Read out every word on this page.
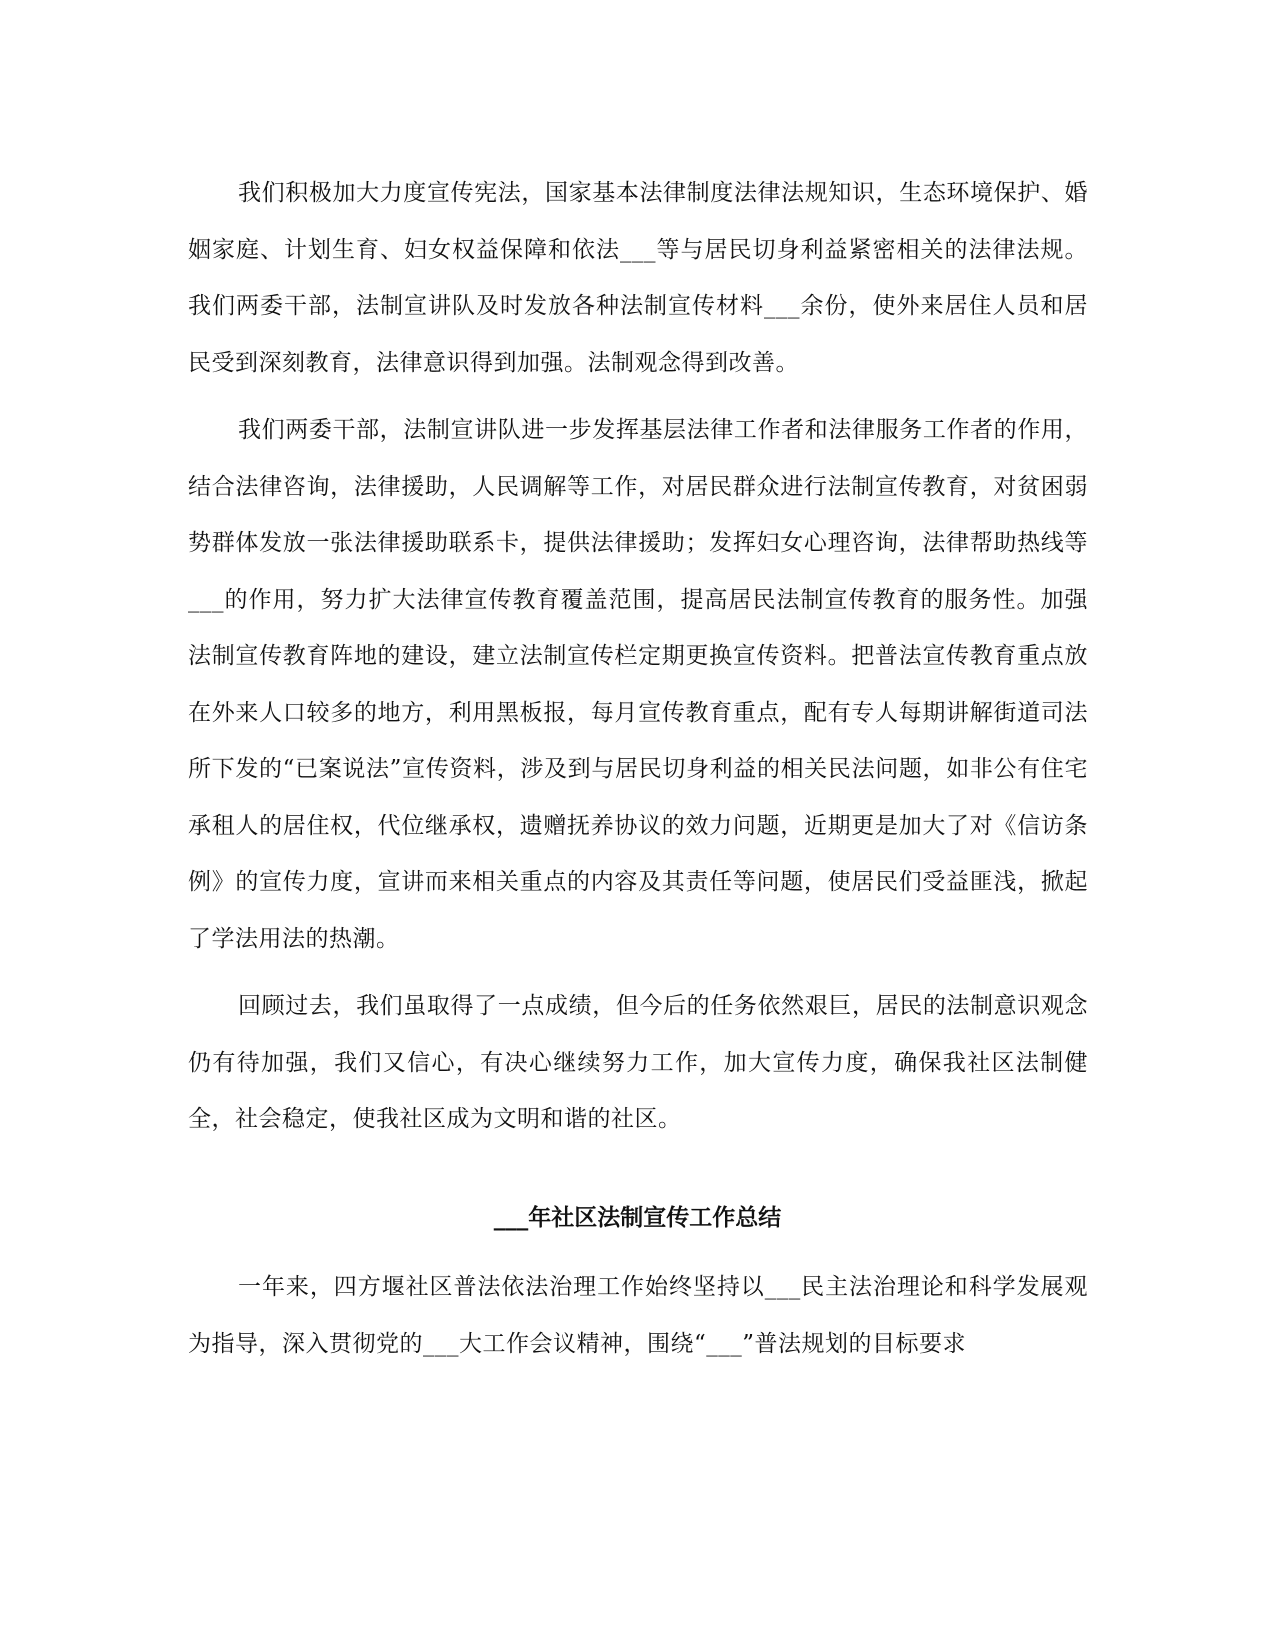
我们积极加大力度宣传宪法，国家基本法律制度法律法规知识，生态环境保护、婚姻家庭、计划生育、妇女权益保障和依法___等与居民切身利益紧密相关的法律法规。我们两委干部，法制宣讲队及时发放各种法制宣传材料___余份，使外来居住人员和居民受到深刻教育，法律意识得到加强。法制观念得到改善。

我们两委干部，法制宣讲队进一步发挥基层法律工作者和法律服务工作者的作用，结合法律咨询，法律援助，人民调解等工作，对居民群众进行法制宣传教育，对贫困弱势群体发放一张法律援助联系卡，提供法律援助；发挥妇女心理咨询，法律帮助热线等___的作用，努力扩大法律宣传教育覆盖范围，提高居民法制宣传教育的服务性。加强法制宣传教育阵地的建设，建立法制宣传栏定期更换宣传资料。把普法宣传教育重点放在外来人口较多的地方，利用黑板报，每月宣传教育重点，配有专人每期讲解街道司法所下发的“已案说法”宣传资料，涉及到与居民切身利益的相关民法问题，如非公有住宅承租人的居住权，代位继承权，遗赠抚养协议的效力问题，近期更是加大了对《信访条例》的宣传力度，宣讲而来相关重点的内容及其责任等问题，使居民们受益匪浅，掀起了学法用法的热潮。

回顾过去，我们虽取得了一点成绩，但今后的任务依然艰巨，居民的法制意识观念仍有待加强，我们又信心，有决心继续努力工作，加大宣传力度，确保我社区法制健全，社会稳定，使我社区成为文明和谐的社区。

___年社区法制宣传工作总结

一年来，四方堰社区普法依法治理工作始终坚持以___民主法治理论和科学发展观为指导，深入贯彻党的___大工作会议精神，围绕“___”普法规划的目标要求
